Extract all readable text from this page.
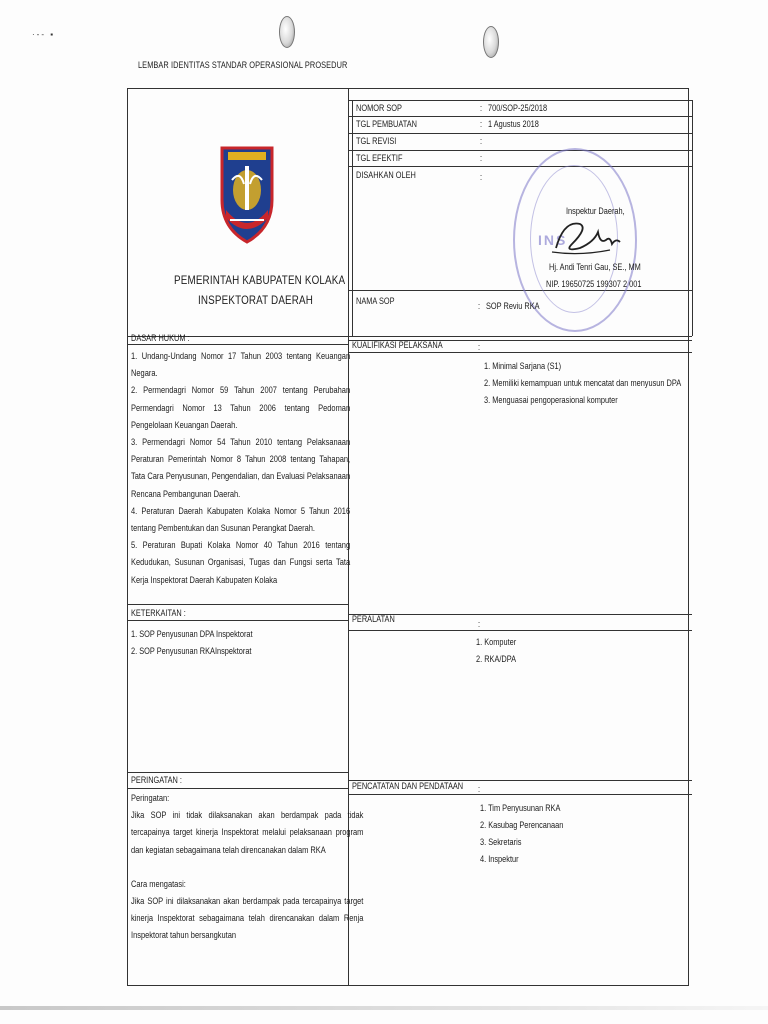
·-- ▪
LEMBAR IDENTITAS STANDAR OPERASIONAL PROSEDUR
PEMERINTAH KABUPATEN KOLAKA
INSPEKTORAT DAERAH
NOMOR SOP	: 700/SOP-25/2018
TGL PEMBUATAN	: 1 Agustus 2018
TGL REVISI	:
TGL EFEKTIF	:
DISAHKAN OLEH	:
INS
Inspektur Daerah,
Hj. Andi Tenri Gau, SE., MM
NIP. 19650725 199307 2 001
NAMA SOP	: SOP Reviu RKA
DASAR HUKUM :
1. Undang-Undang Nomor 17 Tahun 2003 tentang Keuangan Negara.
2. Permendagri Nomor 59 Tahun 2007 tentang Perubahan Permendagri Nomor 13 Tahun 2006 tentang Pedoman Pengelolaan Keuangan Daerah.
3. Permendagri Nomor 54 Tahun 2010 tentang Pelaksanaan Peraturan Pemerintah Nomor 8 Tahun 2008 tentang Tahapan, Tata Cara Penyusunan, Pengendalian, dan Evaluasi Pelaksanaan Rencana Pembangunan Daerah.
4. Peraturan Daerah Kabupaten Kolaka Nomor 5 Tahun 2016 tentang Pembentukan dan Susunan Perangkat Daerah.
5. Peraturan Bupati Kolaka Nomor 40 Tahun 2016 tentang Kedudukan, Susunan Organisasi, Tugas dan Fungsi serta Tata Kerja Inspektorat Daerah Kabupaten Kolaka
KUALIFIKASI PELAKSANA	:
1. Minimal Sarjana (S1)
2. Memiliki kemampuan untuk mencatat dan menyusun DPA
3. Menguasai pengoperasional komputer
KETERKAITAN :
1. SOP Penyusunan DPA Inspektorat
2. SOP Penyusunan RKAInspektorat
PERALATAN	:
1. Komputer
2. RKA/DPA
PERINGATAN :
Peringatan:
Jika SOP ini tidak dilaksanakan akan berdampak pada tidak tercapainya target kinerja Inspektorat melalui pelaksanaan program dan kegiatan sebagaimana telah direncanakan dalam RKA
Cara mengatasi:
Jika SOP ini dilaksanakan akan berdampak pada tercapainya target kinerja Inspektorat sebagaimana telah direncanakan dalam Renja Inspektorat tahun bersangkutan
PENCATATAN DAN PENDATAAN :
1. Tim Penyusunan RKA
2. Kasubag Perencanaan
3. Sekretaris
4. Inspektur
